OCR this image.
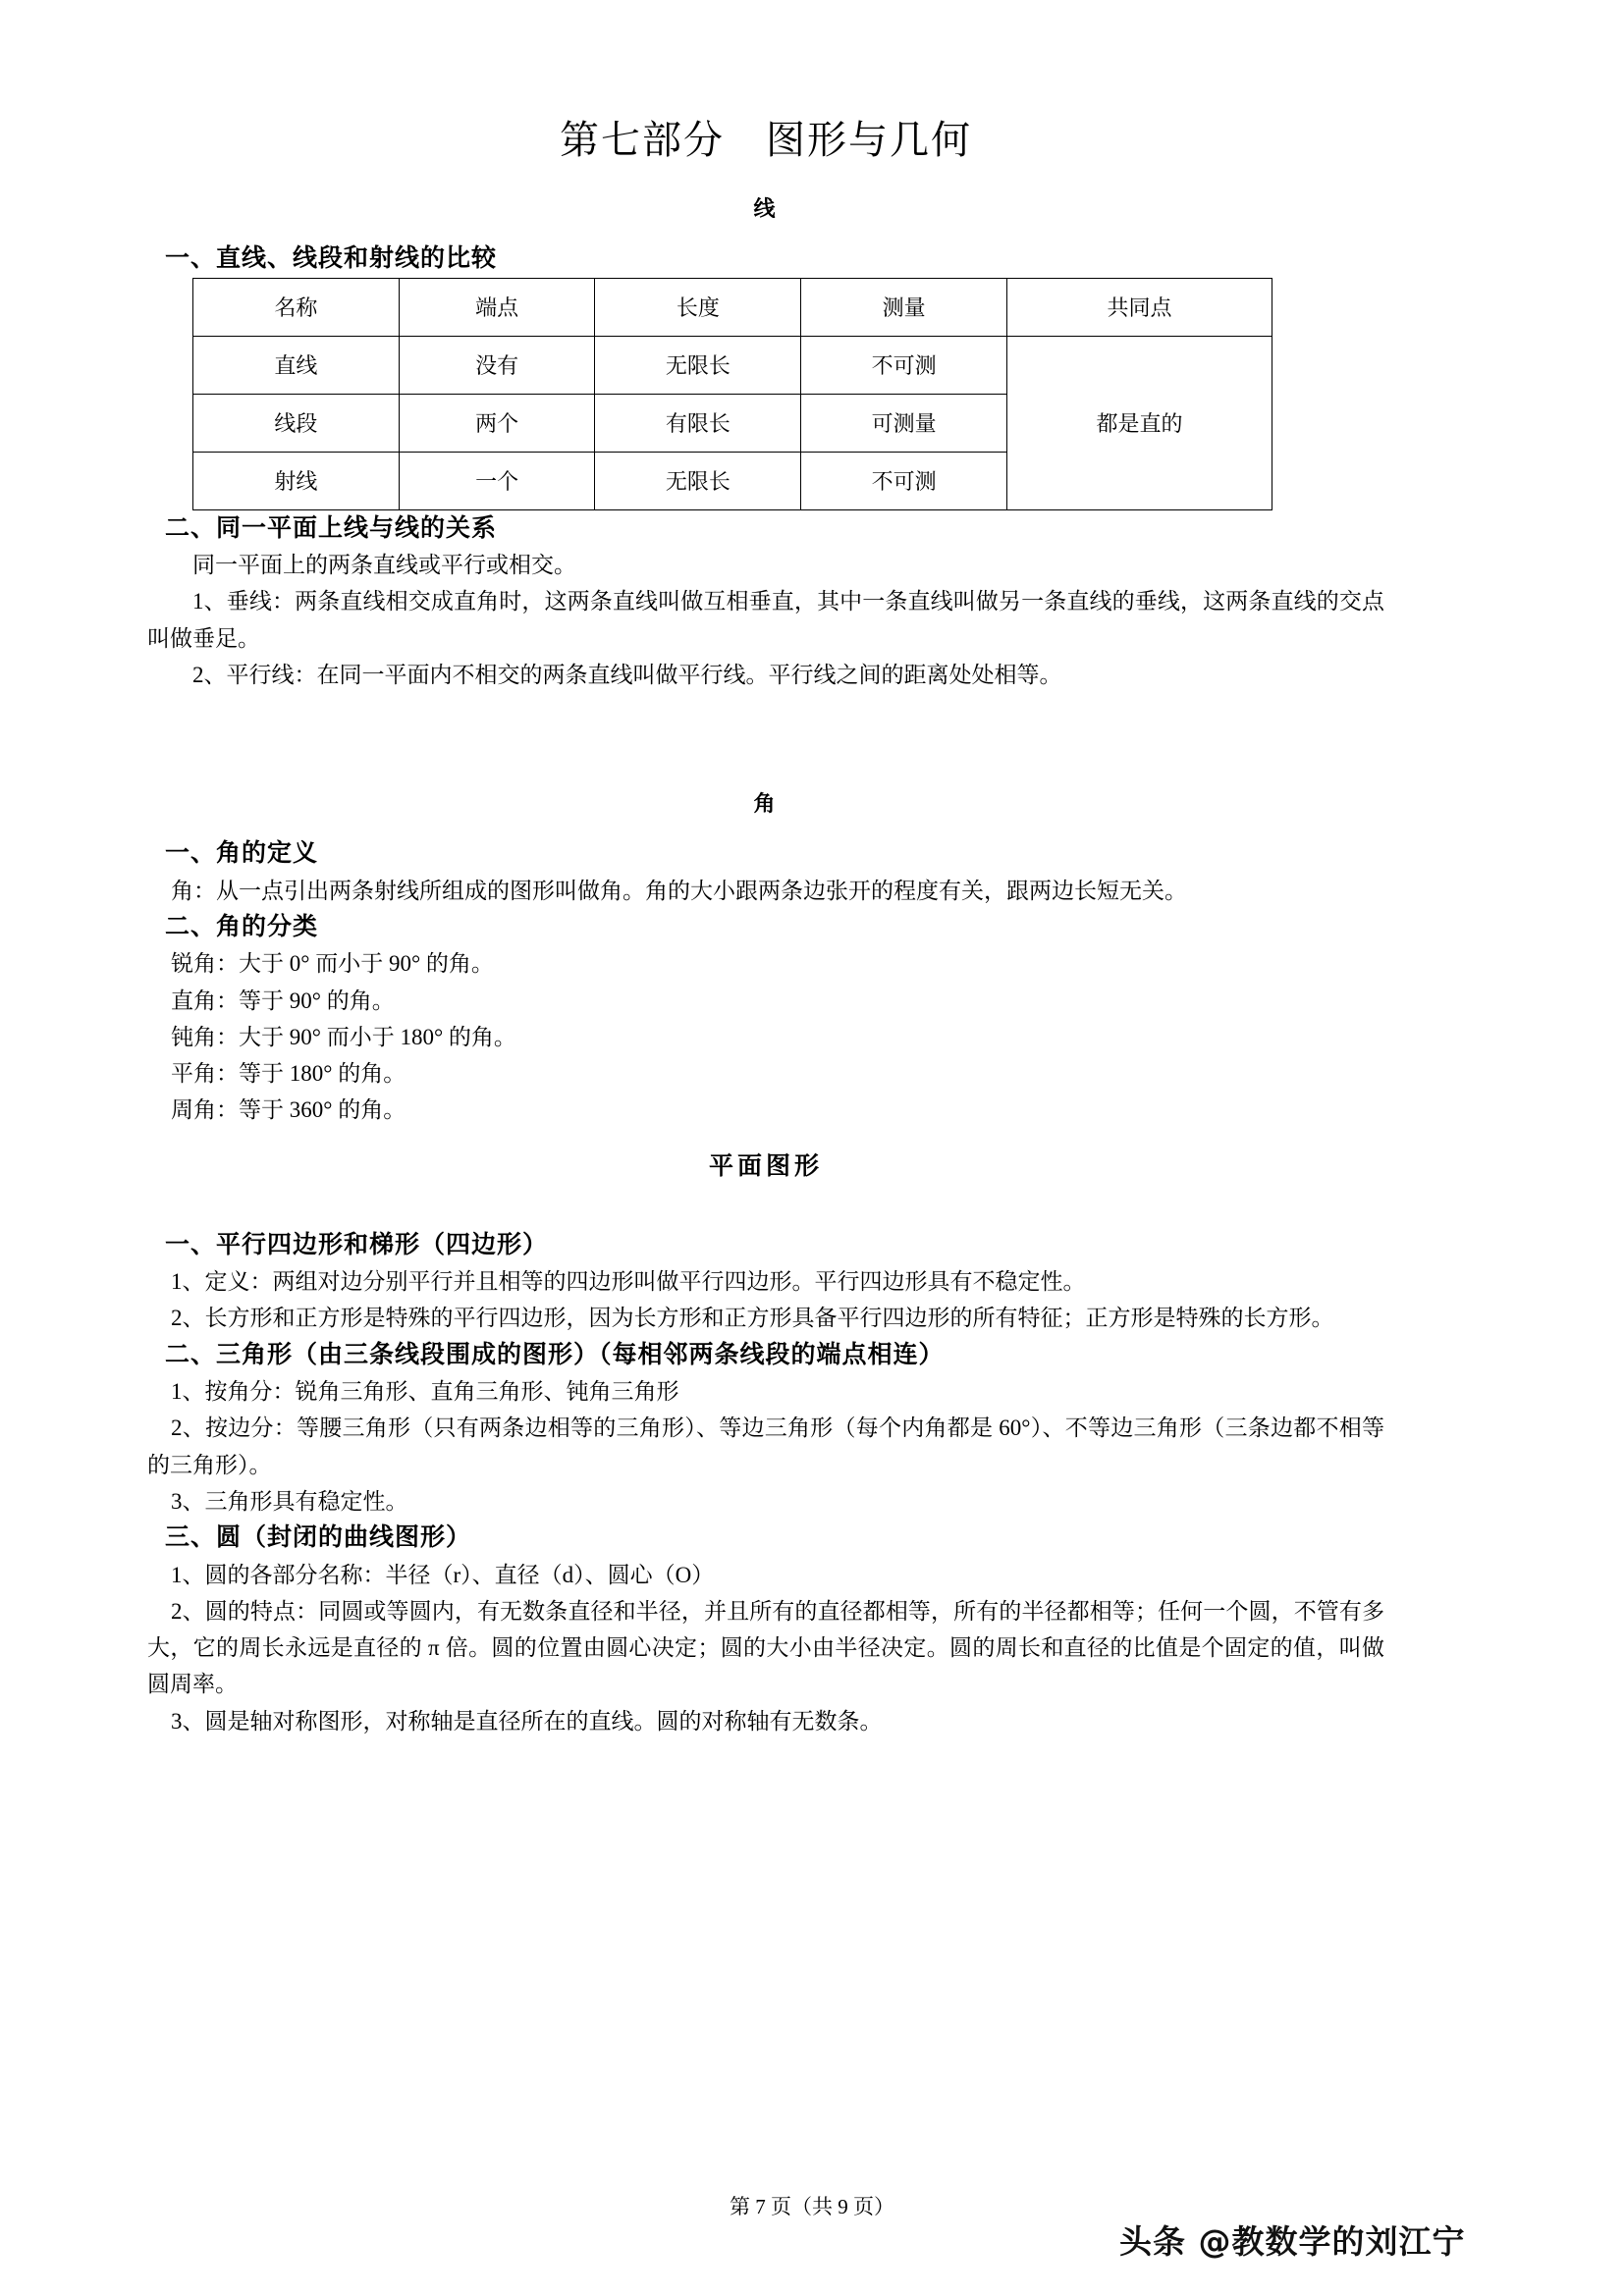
第七部分　图形与几何
线
一、直线、线段和射线的比较
名称	端点	长度	测量	共同点
直线	没有	无限长	不可测	都是直的
线段	两个	有限长	可测量	
射线	一个	无限长	不可测	
二、同一平面上线与线的关系
同一平面上的两条直线或平行或相交。
1、垂线：两条直线相交成直角时，这两条直线叫做互相垂直，其中一条直线叫做另一条直线的垂线，这两条直线的交点叫做垂足。
2、平行线：在同一平面内不相交的两条直线叫做平行线。平行线之间的距离处处相等。
角
一、角的定义
角：从一点引出两条射线所组成的图形叫做角。角的大小跟两条边张开的程度有关，跟两边长短无关。
二、角的分类
锐角：大于 0° 而小于 90° 的角。
直角：等于 90° 的角。
钝角：大于 90° 而小于 180° 的角。
平角：等于 180° 的角。
周角：等于 360° 的角。
平面图形
一、平行四边形和梯形（四边形）
1、定义：两组对边分别平行并且相等的四边形叫做平行四边形。平行四边形具有不稳定性。
2、长方形和正方形是特殊的平行四边形，因为长方形和正方形具备平行四边形的所有特征；正方形是特殊的长方形。
二、三角形（由三条线段围成的图形）（每相邻两条线段的端点相连）
1、按角分：锐角三角形、直角三角形、钝角三角形
2、按边分：等腰三角形（只有两条边相等的三角形）、等边三角形（每个内角都是 60°）、不等边三角形（三条边都不相等的三角形）。
3、三角形具有稳定性。
三、圆（封闭的曲线图形）
1、圆的各部分名称：半径（r）、直径（d）、圆心（O）
2、圆的特点：同圆或等圆内，有无数条直径和半径，并且所有的直径都相等，所有的半径都相等；任何一个圆，不管有多大，它的周长永远是直径的 π 倍。圆的位置由圆心决定；圆的大小由半径决定。圆的周长和直径的比值是个固定的值，叫做圆周率。
3、圆是轴对称图形，对称轴是直径所在的直线。圆的对称轴有无数条。
第 7 页（共 9 页）
头条 @教数学的刘江宁
